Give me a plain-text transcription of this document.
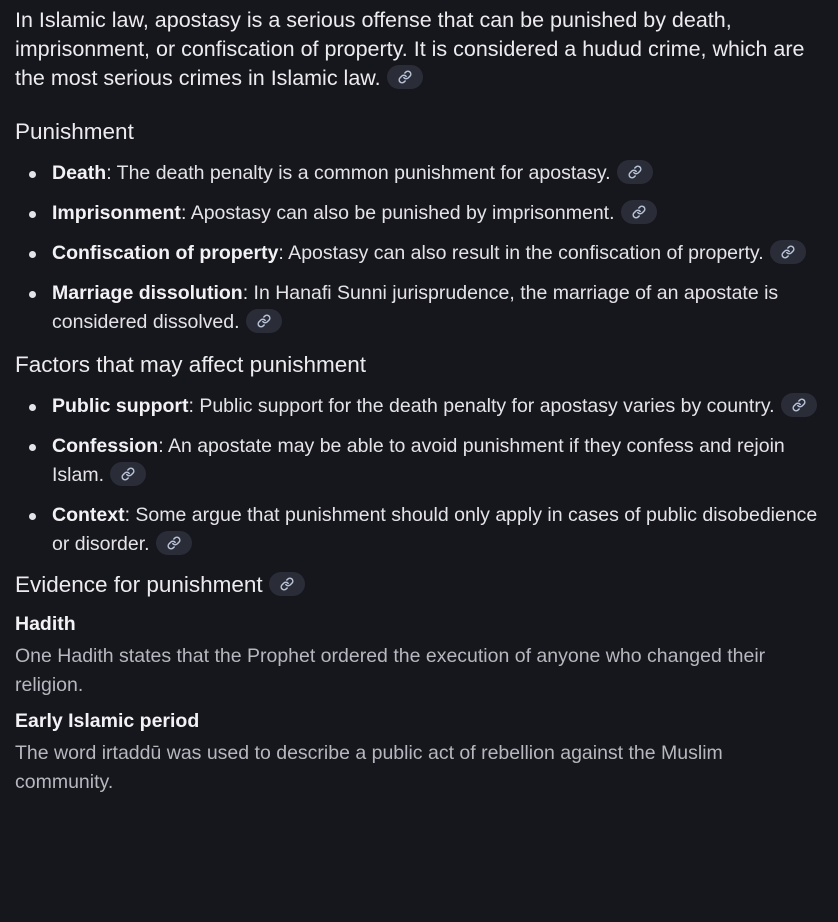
In Islamic law, apostasy is a serious offense that can be punished by death, imprisonment, or confiscation of property. It is considered a hudud crime, which are the most serious crimes in Islamic law.

Punishment
Death: The death penalty is a common punishment for apostasy.
Imprisonment: Apostasy can also be punished by imprisonment.
Confiscation of property: Apostasy can also result in the confiscation of property.
Marriage dissolution: In Hanafi Sunni jurisprudence, the marriage of an apostate is considered dissolved.
Factors that may affect punishment
Public support: Public support for the death penalty for apostasy varies by country.
Confession: An apostate may be able to avoid punishment if they confess and rejoin Islam.
Context: Some argue that punishment should only apply in cases of public disobedience or disorder.
Evidence for punishment
Hadith

One Hadith states that the Prophet ordered the execution of anyone who changed their religion.

Early Islamic period

The word irtaddū was used to describe a public act of rebellion against the Muslim community.
